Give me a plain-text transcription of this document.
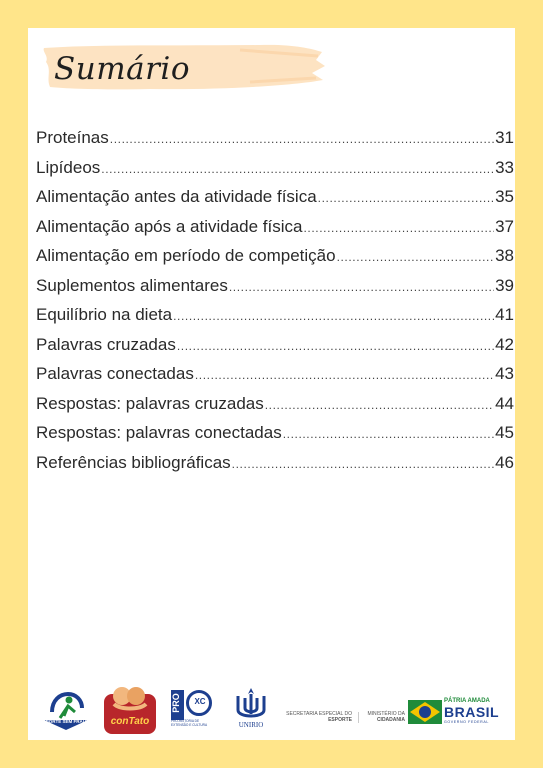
Sumário
Proteínas .....	31
Lipídeos .....	33
Alimentação antes da atividade física .....	35
Alimentação após a atividade física .....	37
Alimentação em período de competição .....	38
Suplementos alimentares .....	39
Equilíbrio na dieta .....	41
Palavras cruzadas .....	42
Palavras conectadas .....	43
Respostas: palavras cruzadas .....	44
Respostas: palavras conectadas .....	45
Referências bibliográficas .....	46
ESPORTE SEM FRAUDE	conTato
PRO	XC
PRÓ-REITORIA DE EXTENSÃO E CULTURA	UNIRIO
SECRETARIA ESPECIAL DO
ESPORTE
MINISTÉRIO DA
CIDADANIA
PÁTRIA AMADA
BRASIL
GOVERNO FEDERAL
